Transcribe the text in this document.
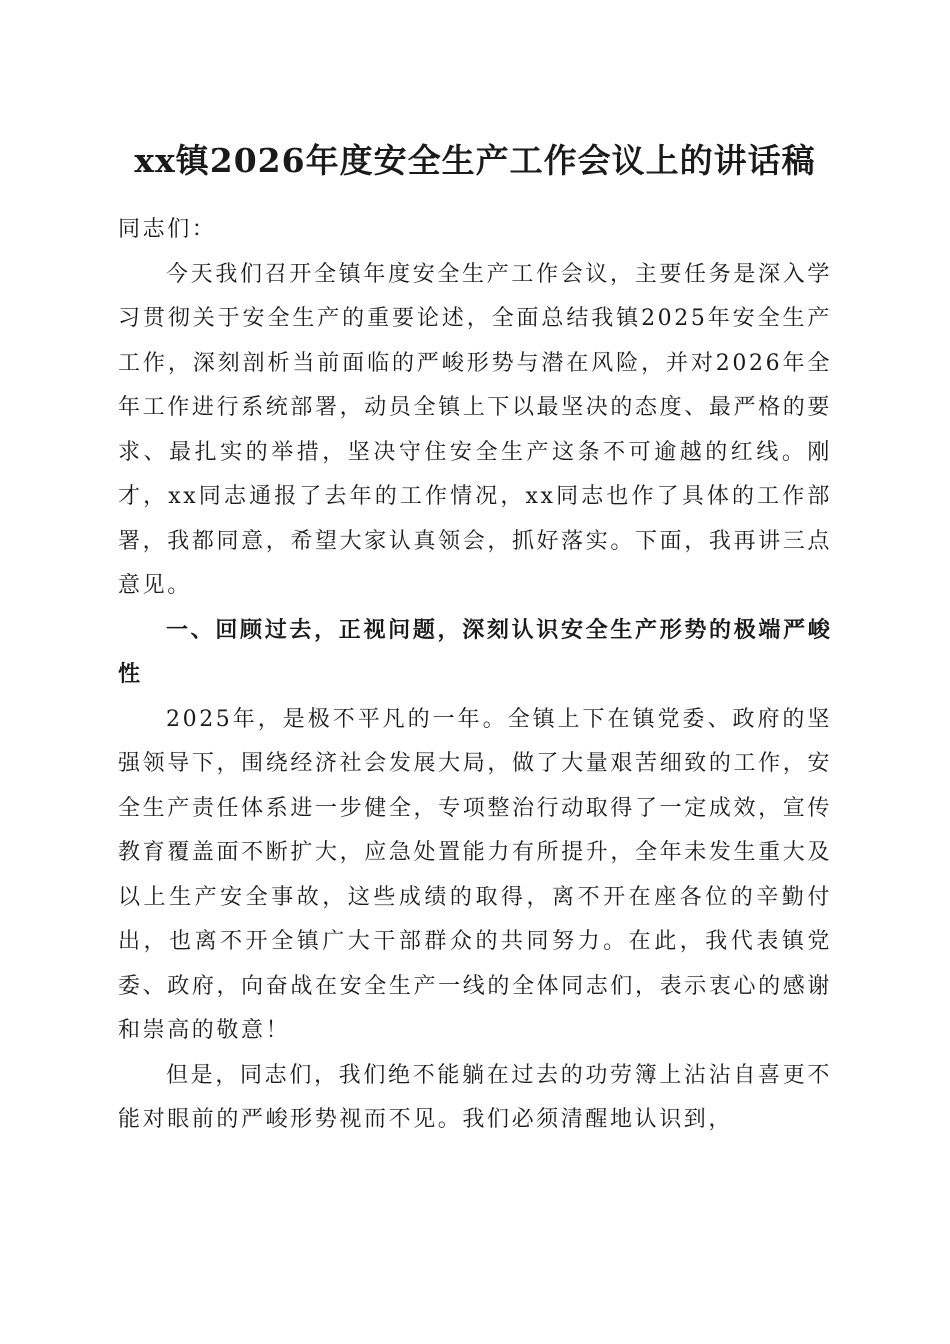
xx镇2026年度安全生产工作会议上的讲话稿

同志们：

今天我们召开全镇年度安全生产工作会议，主要任务是深入学习贯彻关于安全生产的重要论述，全面总结我镇2025年安全生产工作，深刻剖析当前面临的严峻形势与潜在风险，并对2026年全年工作进行系统部署，动员全镇上下以最坚决的态度、最严格的要求、最扎实的举措，坚决守住安全生产这条不可逾越的红线。刚才，xx同志通报了去年的工作情况，xx同志也作了具体的工作部署，我都同意，希望大家认真领会，抓好落实。下面，我再讲三点意见。

一、回顾过去，正视问题，深刻认识安全生产形势的极端严峻性

2025年，是极不平凡的一年。全镇上下在镇党委、政府的坚强领导下，围绕经济社会发展大局，做了大量艰苦细致的工作，安全生产责任体系进一步健全，专项整治行动取得了一定成效，宣传教育覆盖面不断扩大，应急处置能力有所提升，全年未发生重大及以上生产安全事故，这些成绩的取得，离不开在座各位的辛勤付出，也离不开全镇广大干部群众的共同努力。在此，我代表镇党委、政府，向奋战在安全生产一线的全体同志们，表示衷心的感谢和崇高的敬意！

但是，同志们，我们绝不能躺在过去的功劳簿上沾沾自喜更不能对眼前的严峻形势视而不见。我们必须清醒地认识到，
